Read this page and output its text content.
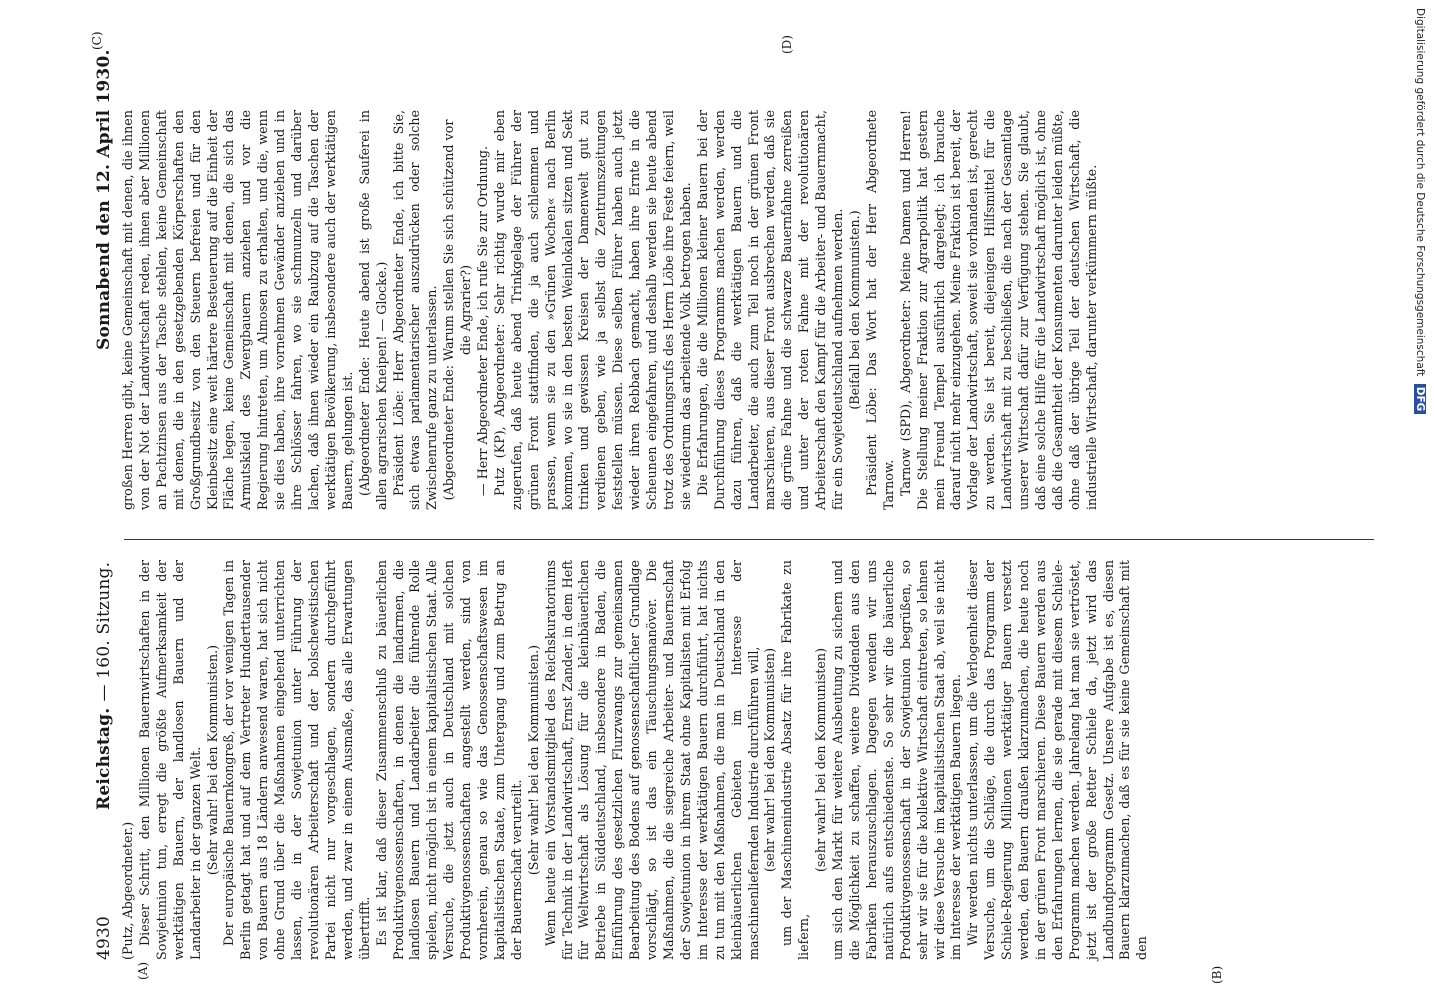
4930
Reichstag. — 160. Sitzung.
Sonnabend den 12. April 1930.
(A)	(B)
(C)	(D)

(Putz, Abgeordneter.) Dieser Schritt, den Millionen Bauernwirtschaften in der Sowjetunion tun, erregt die größte Aufmerksamkeit der werktätigen Bauern, der landlosen Bauern und der Landarbeiter in der ganzen Welt. (Sehr wahr! bei den Kommunisten.) Der europäische Bauernkongreß, der vor wenigen Tagen in Berlin getagt hat und auf dem Vertreter Hunderttausender von Bauern aus 18 Ländern anwesend waren, hat sich nicht ohne Grund über die Maßnahmen eingehend unterrichten lassen, die in der Sowjetunion unter Führung der revolutionären Arbeiterschaft und der bolschewistischen Partei nicht nur vorgeschlagen, sondern durchgeführt werden, und zwar in einem Ausmaße, das alle Erwartungen übertrifft. Es ist klar, daß dieser Zusammenschluß zu bäuerlichen Produktivgenossenschaften, in denen die landarmen, die landlosen Bauern und Landarbeiter die führende Rolle spielen, nicht möglich ist in einem kapitalistischen Staat. Alle Versuche, die jetzt auch in Deutschland mit solchen Produktivgenossenschaften angestellt werden, sind von vornherein, genau so wie das Genossenschaftswesen im kapitalistischen Staate, zum Untergang und zum Betrug an der Bauernschaft verurteilt. (Sehr wahr! bei den Kommunisten.) Wenn heute ein Vorstandsmitglied des Reichskuratoriums für Technik in der Landwirtschaft, Ernst Zander, in dem Heft für Weltwirtschaft als Lösung für die kleinbäuerlichen Betriebe in Süddeutschland, insbesondere in Baden, die Einführung des gesetzlichen Flurzwangs zur gemeinsamen Bearbeitung des Bodens auf genossenschaftlicher Grundlage vorschlägt, so ist das ein Täuschungsmanöver. Die Maßnahmen, die die siegreiche Arbeiter- und Bauernschaft der Sowjetunion in ihrem Staat ohne Kapitalisten mit Erfolg im Interesse der werktätigen Bauern durchführt, hat nichts zu tun mit den Maßnahmen, die man in Deutschland in den kleinbäuerlichen Gebieten im Interesse der maschinenliefernden Industrie durchführen will, (sehr wahr! bei den Kommunisten) um der Maschinenindustrie Absatz für ihre Fabrikate zu liefern,

(sehr wahr! bei den Kommunisten) um sich den Markt für weitere Ausbeutung zu sichern und die Möglichkeit zu schaffen, weitere Dividenden aus den Fabriken herauszuschlagen. Dagegen wenden wir uns natürlich aufs entschiedenste. So sehr wir die bäuerliche Produktivgenossenschaft in der Sowjetunion begrüßen, so sehr wir sie für die kollektive Wirtschaft eintreten, so lehnen wir diese Versuche im kapitalistischen Staat ab, weil sie nicht im Interesse der werktätigen Bauern liegen. Wir werden nichts unterlassen, um die Verlogenheit dieser Versuche, um die Schläge, die durch das Programm der Schiele-Regierung Millionen werktätiger Bauern versetzt werden, den Bauern draußen klarzumachen, die heute noch in der grünen Front marschieren. Diese Bauern werden aus den Erfahrungen lernen, die sie gerade mit diesem Schiele-Programm machen werden. Jahrelang hat man sie vertröstet, jetzt ist der große Retter Schiele da, jetzt wird das Landbundprogramm Gesetz. Unsere Aufgabe ist es, diesen Bauern klarzumachen, daß es für sie keine Gemeinschaft mit den

großen Herren gibt, keine Gemeinschaft mit denen, die ihnen von der Not der Landwirtschaft reden, ihnen aber Millionen an Pachtzinsen aus der Tasche stehlen, keine Gemeinschaft mit denen, die in den gesetzgebenden Körperschaften den Großgrundbesitz von den Steuern befreien und für den Kleinbesitz eine weit härtere Besteuerung auf die Einheit der Fläche legen, keine Gemeinschaft mit denen, die sich das Armutskleid des Zwergbauern anziehen und vor die Regierung hintreten, um Almosen zu erhalten, und die, wenn sie dies haben, ihre vornehmen Gewänder anziehen und in ihre Schlösser fahren, wo sie schmunzeln und darüber lachen, daß ihnen wieder ein Raubzug auf die Taschen der werktätigen Bevölkerung, insbesondere auch der werktätigen Bauern, gelungen ist. (Abgeordneter Ende: Heute abend ist große Sauferei in allen agrarischen Kneipen! — Glocke.) Präsident Löbe: Herr Abgeordneter Ende, ich bitte Sie, sich etwas parlamentarischer auszudrücken oder solche Zwischenrufe ganz zu unterlassen. (Abgeordneter Ende: Warum stellen Sie sich schützend vor die Agrarier?) — Herr Abgeordneter Ende, ich rufe Sie zur Ordnung. Putz (KP), Abgeordneter: Sehr richtig wurde mir eben zugerufen, daß heute abend Trinkgelage der Führer der grünen Front stattfinden, die ja auch schlemmen und prassen, wenn sie zu den »Grünen Wochen« nach Berlin kommen, wo sie in den besten Weinlokalen sitzen und Sekt trinken und gewissen Kreisen der Damenwelt gut zu verdienen geben, wie ja selbst die Zentrumszeitungen feststellen müssen. Diese selben Führer haben auch jetzt wieder ihren Rebbach gemacht, haben ihre Ernte in die Scheunen eingefahren, und deshalb werden sie heute abend trotz des Ordnungsrufs des Herrn Löbe ihre Feste feiern, weil sie wiederum das arbeitende Volk betrogen haben. Die Erfahrungen, die die Millionen kleiner Bauern bei der Durchführung dieses Programms machen werden, werden dazu führen, daß die werktätigen Bauern und die Landarbeiter, die auch zum Teil noch in der grünen Front marschieren, aus dieser Front ausbrechen werden, daß sie die grüne Fahne und die schwarze Bauernfahne zerreißen und unter der roten Fahne mit der revolutionären Arbeiterschaft den Kampf für die Arbeiter- und Bauernmacht, für ein Sowjetdeutschland aufnehmen werden. (Beifall bei den Kommunisten.) Präsident Löbe: Das Wort hat der Herr Abgeordnete Tarnow. Tarnow (SPD), Abgeordneter: Meine Damen und Herren! Die Stellung meiner Fraktion zur Agrarpolitik hat gestern mein Freund Tempel ausführlich dargelegt; ich brauche darauf nicht mehr einzugehen. Meine Fraktion ist bereit, der Vorlage der Landwirtschaft, soweit sie vorhanden ist, gerecht zu werden. Sie ist bereit, diejenigen Hilfsmittel für die Landwirtschaft mit zu beschließen, die nach der Gesamtlage unserer Wirtschaft dafür zur Verfügung stehen. Sie glaubt, daß eine solche Hilfe für die Landwirtschaft möglich ist, ohne daß die Gesamtheit der Konsumenten darunter leiden müßte, ohne daß der übrige Teil der deutschen Wirtschaft, die industrielle Wirtschaft, darunter verkümmern müßte.	Digitalisierung gefördert durch die Deutsche Forschungsgemeinschaft DFG
